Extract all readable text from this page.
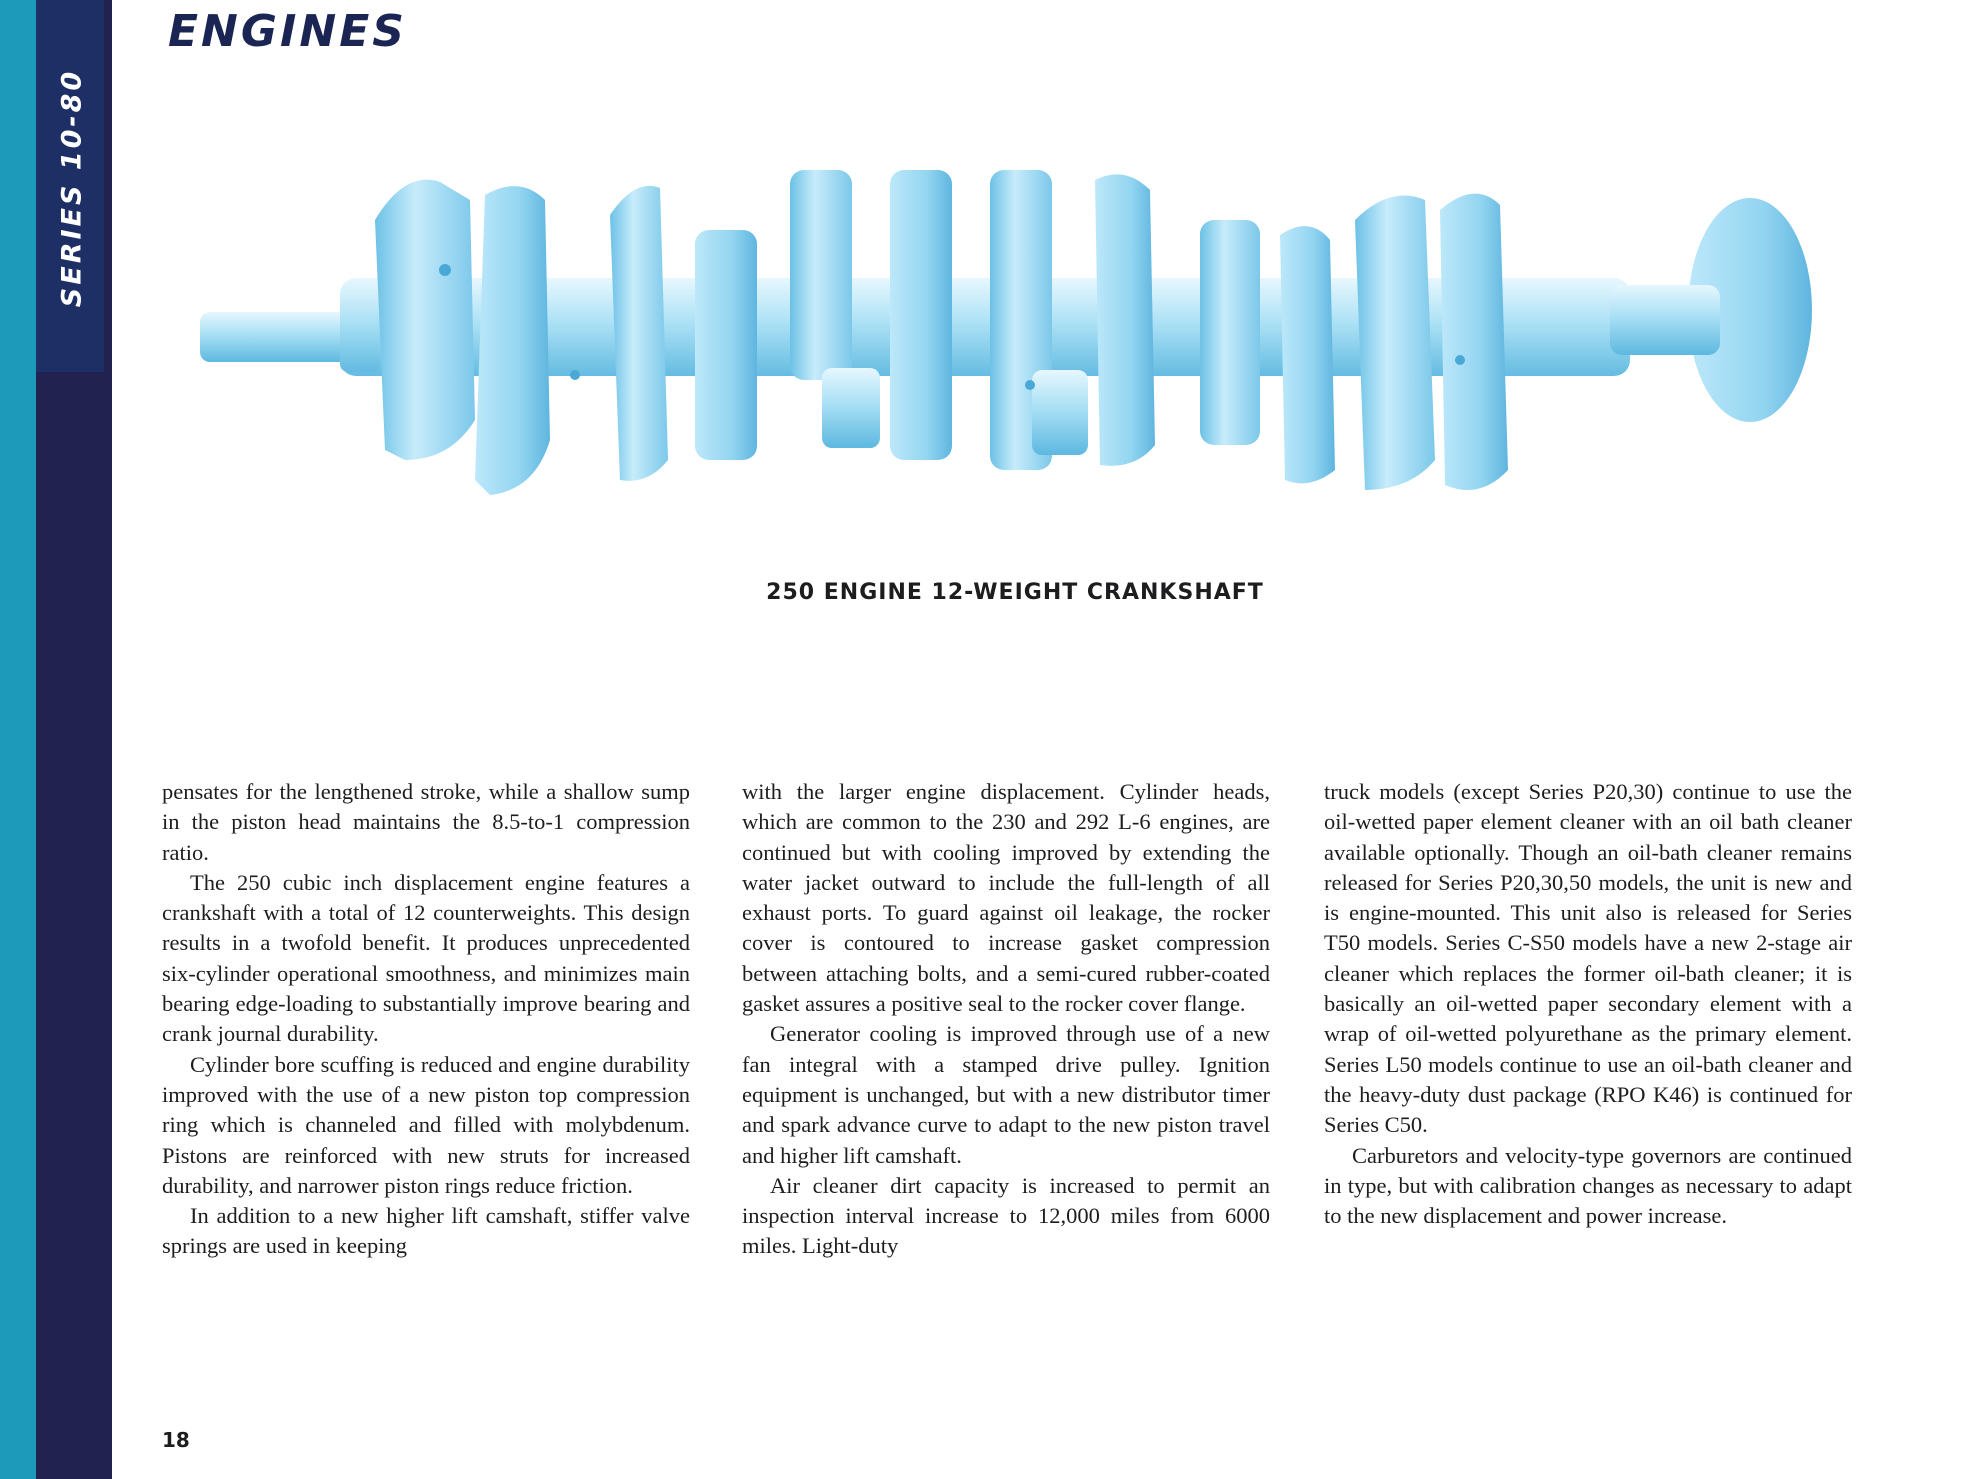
SERIES 10-80
ENGINES
250 ENGINE 12-WEIGHT CRANKSHAFT

pensates for the lengthened stroke, while a shallow sump in the piston head maintains the 8.5-to-1 compression ratio.

The 250 cubic inch displacement engine features a crankshaft with a total of 12 counterweights. This design results in a twofold benefit. It produces unprecedented six-cylinder operational smoothness, and minimizes main bearing edge-loading to substantially improve bearing and crank journal durability.

Cylinder bore scuffing is reduced and engine durability improved with the use of a new piston top compression ring which is channeled and filled with molybdenum. Pistons are reinforced with new struts for increased durability, and narrower piston rings reduce friction.

In addition to a new higher lift camshaft, stiffer valve springs are used in keeping

with the larger engine displacement. Cylinder heads, which are common to the 230 and 292 L-6 engines, are continued but with cooling improved by extending the water jacket outward to include the full-length of all exhaust ports. To guard against oil leakage, the rocker cover is contoured to increase gasket compression between attaching bolts, and a semi-cured rubber-coated gasket assures a positive seal to the rocker cover flange.

Generator cooling is improved through use of a new fan integral with a stamped drive pulley. Ignition equipment is unchanged, but with a new distributor timer and spark advance curve to adapt to the new piston travel and higher lift camshaft.

Air cleaner dirt capacity is increased to permit an inspection interval increase to 12,000 miles from 6000 miles. Light-duty

truck models (except Series P20,30) continue to use the oil-wetted paper element cleaner with an oil bath cleaner available optionally. Though an oil-bath cleaner remains released for Series P20,30,50 models, the unit is new and is engine-mounted. This unit also is released for Series T50 models. Series C-S50 models have a new 2-stage air cleaner which replaces the former oil-bath cleaner; it is basically an oil-wetted paper secondary element with a wrap of oil-wetted polyurethane as the primary element. Series L50 models continue to use an oil-bath cleaner and the heavy-duty dust package (RPO K46) is continued for Series C50.

Carburetors and velocity-type governors are continued in type, but with calibration changes as necessary to adapt to the new displacement and power increase.

18
